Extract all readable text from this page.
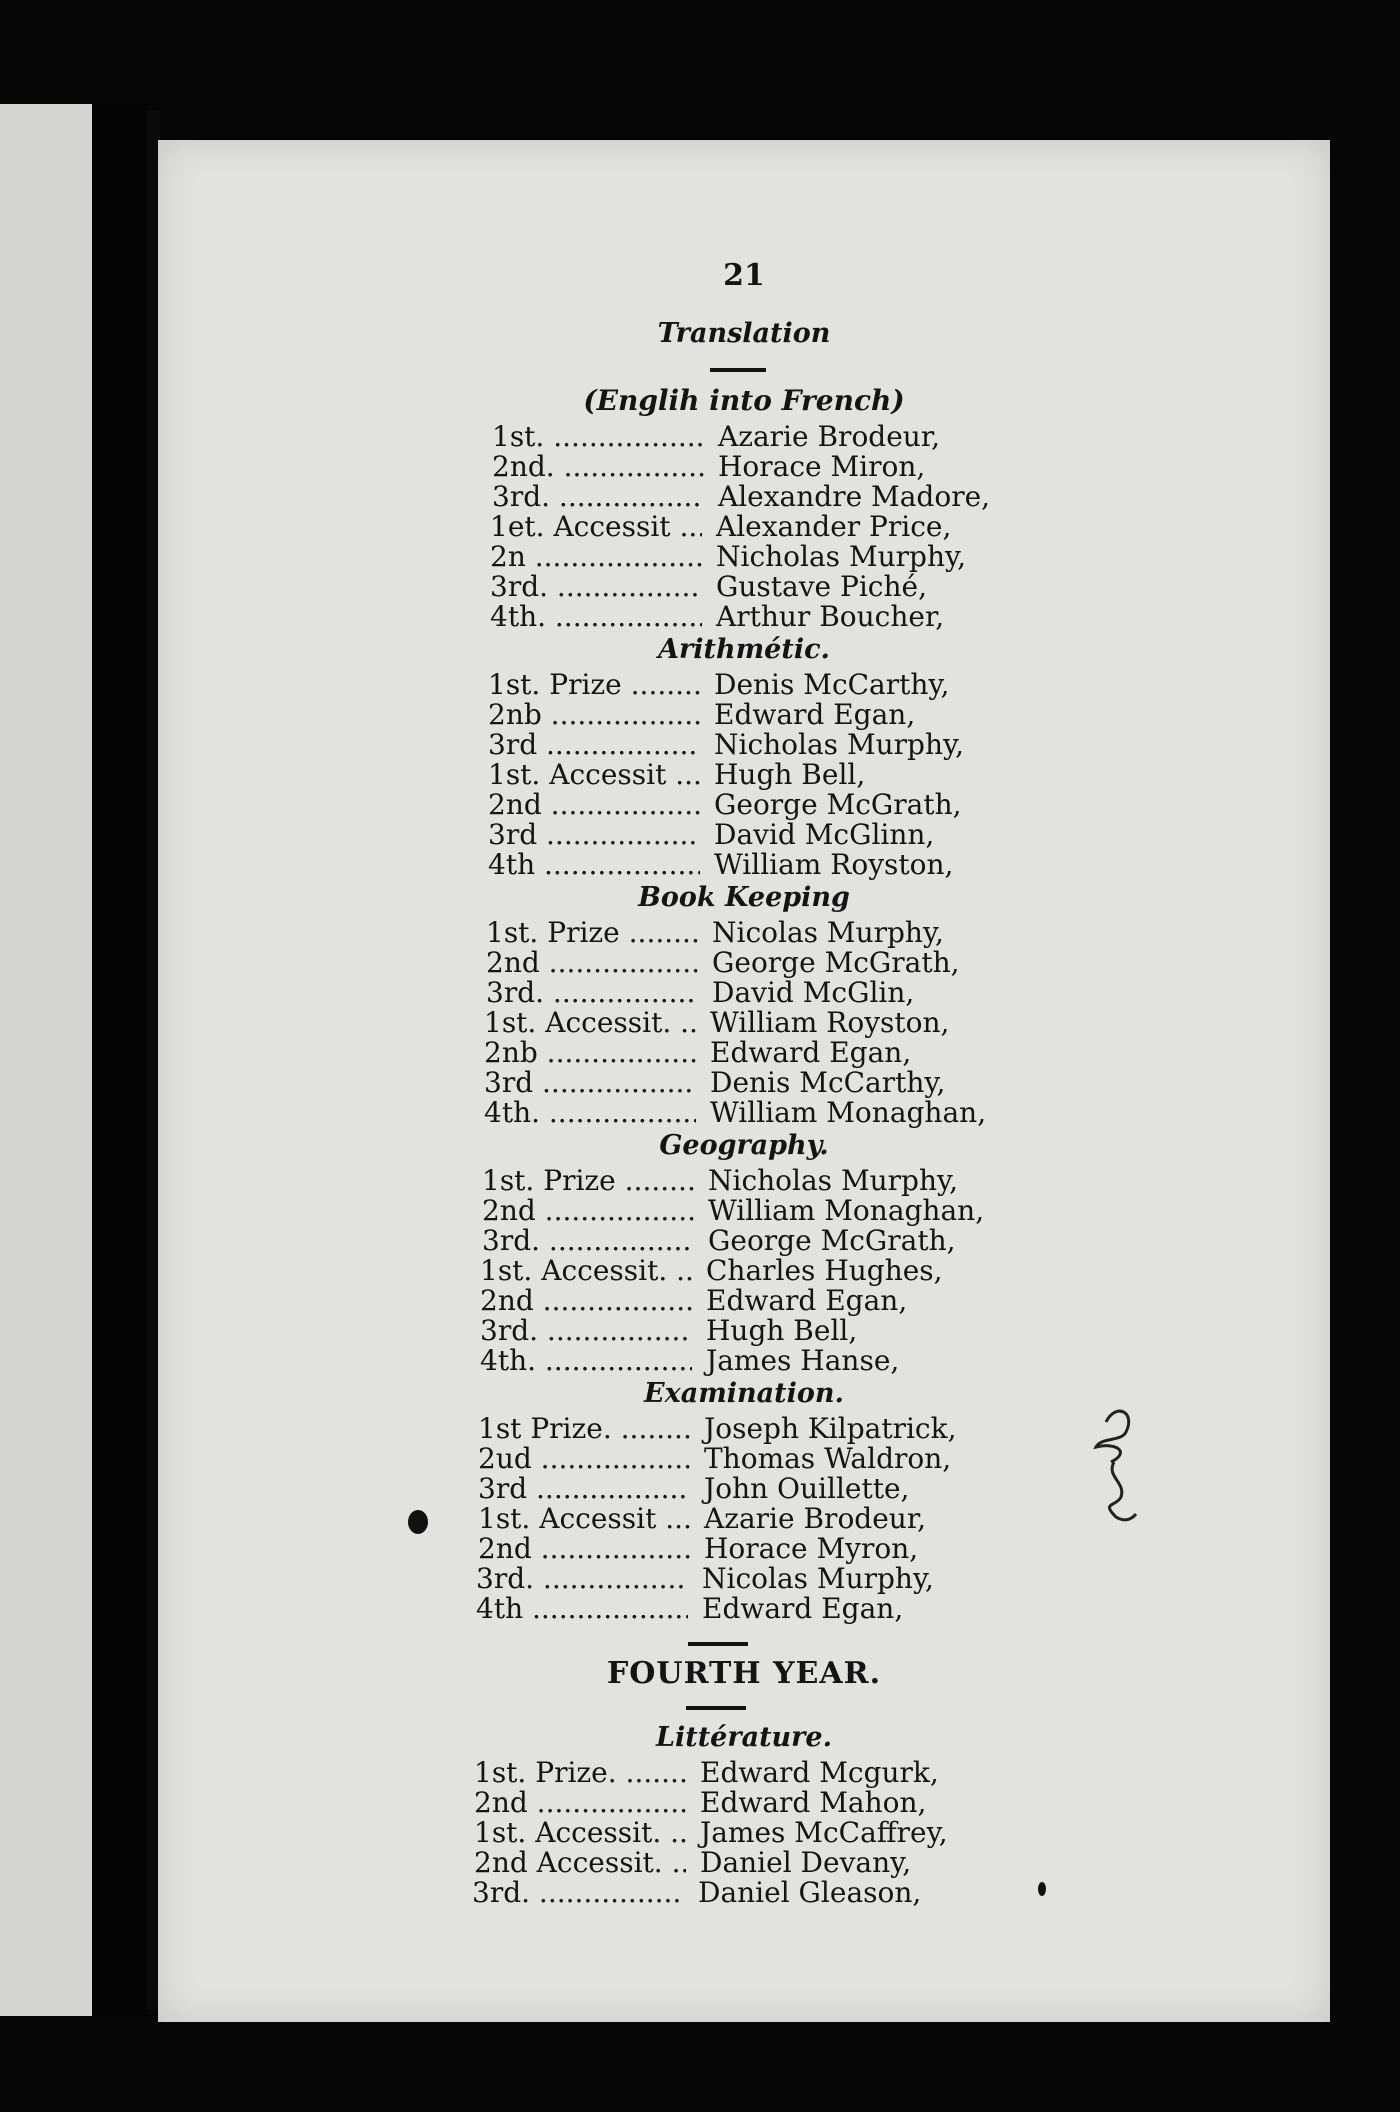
21
Translation
(Englih into French)
1st. .....	Azarie Brodeur,
2nd. .....	Horace Miron,
3rd. .....	Alexandre Madore,
1et. Accessit .....	Alexander Price,
2n .....	Nicholas Murphy,
3rd. .....	Gustave Piché,
4th. .....	Arthur Boucher,
Arithmétic.
1st. Prize .....	Denis McCarthy,
2nb .....	Edward Egan,
3rd .....	Nicholas Murphy,
1st. Accessit .....	Hugh Bell,
2nd .....	George McGrath,
3rd .....	David McGlinn,
4th .....	William Royston,
Book Keeping
1st. Prize .....	Nicolas Murphy,
2nd .....	George McGrath,
3rd. .....	David McGlin,
1st. Accessit. .....	William Royston,
2nb .....	Edward Egan,
3rd .....	Denis McCarthy,
4th. .....	William Monaghan,
Geography.
1st. Prize .....	Nicholas Murphy,
2nd .....	William Monaghan,
3rd. .....	George McGrath,
1st. Accessit. .....	Charles Hughes,
2nd .....	Edward Egan,
3rd. .....	Hugh Bell,
4th. .....	James Hanse,
Examination.
1st Prize. .....	Joseph Kilpatrick,
2ud .....	Thomas Waldron,
3rd .....	John Ouillette,
1st. Accessit .....	Azarie Brodeur,
2nd .....	Horace Myron,
3rd. .....	Nicolas Murphy,
4th .....	Edward Egan,
FOURTH YEAR.
Littérature.
1st. Prize. .....	Edward Mcgurk,
2nd .....	Edward Mahon,
1st. Accessit. .....	James McCaffrey,
2nd Accessit. .....	Daniel Devany,
3rd. .....	Daniel Gleason,
